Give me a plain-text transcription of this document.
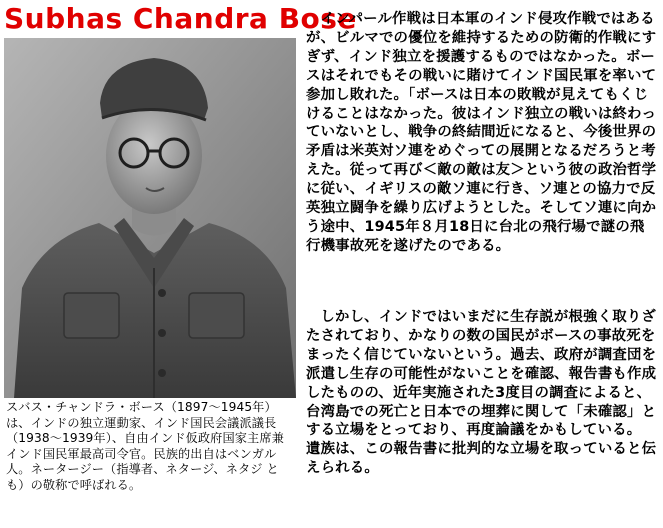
Subhas Chandra Bose
スバス・チャンドラ・ボース（1897〜1945年）は、インドの独立運動家、インド国民会議派議長（1938〜1939年）、自由インド仮政府国家主席兼インド国民軍最高司令官。民族的出自はベンガル人。ネータージー（指導者、ネタージ、ネタジ とも）の敬称で呼ばれる。

インパール作戦は日本軍のインド侵攻作戦ではあるが、ビルマでの優位を維持するための防衛的作戦にすぎず、インド独立を援護するものではなかった。ボースはそれでもその戦いに賭けてインド国民軍を率いて参加し敗れた。「ボースは日本の敗戦が見えてもくじけることはなかった。彼はインド独立の戦いは終わっていないとし、戦争の終結間近になると、今後世界の矛盾は米英対ソ連をめぐっての展開となるだろうと考えた。従って再び＜敵の敵は友＞という彼の政治哲学に従い、イギリスの敵ソ連に行き、ソ連との協力で反英独立闘争を繰り広げようとした。そしてソ連に向かう途中、1945年８月18日に台北の飛行場で謎の飛行機事故死を遂げたのである。

しかし、インドではいまだに生存説が根強く取りざたされており、かなりの数の国民がボースの事故死をまったく信じていないという。過去、政府が調査団を派遣し生存の可能性がないことを確認、報告書も作成したものの、近年実施された3度目の調査によると、台湾島での死亡と日本での埋葬に関して「未確認」とする立場をとっており、再度論議をかもしている。

遺族は、この報告書に批判的な立場を取っていると伝えられる。
